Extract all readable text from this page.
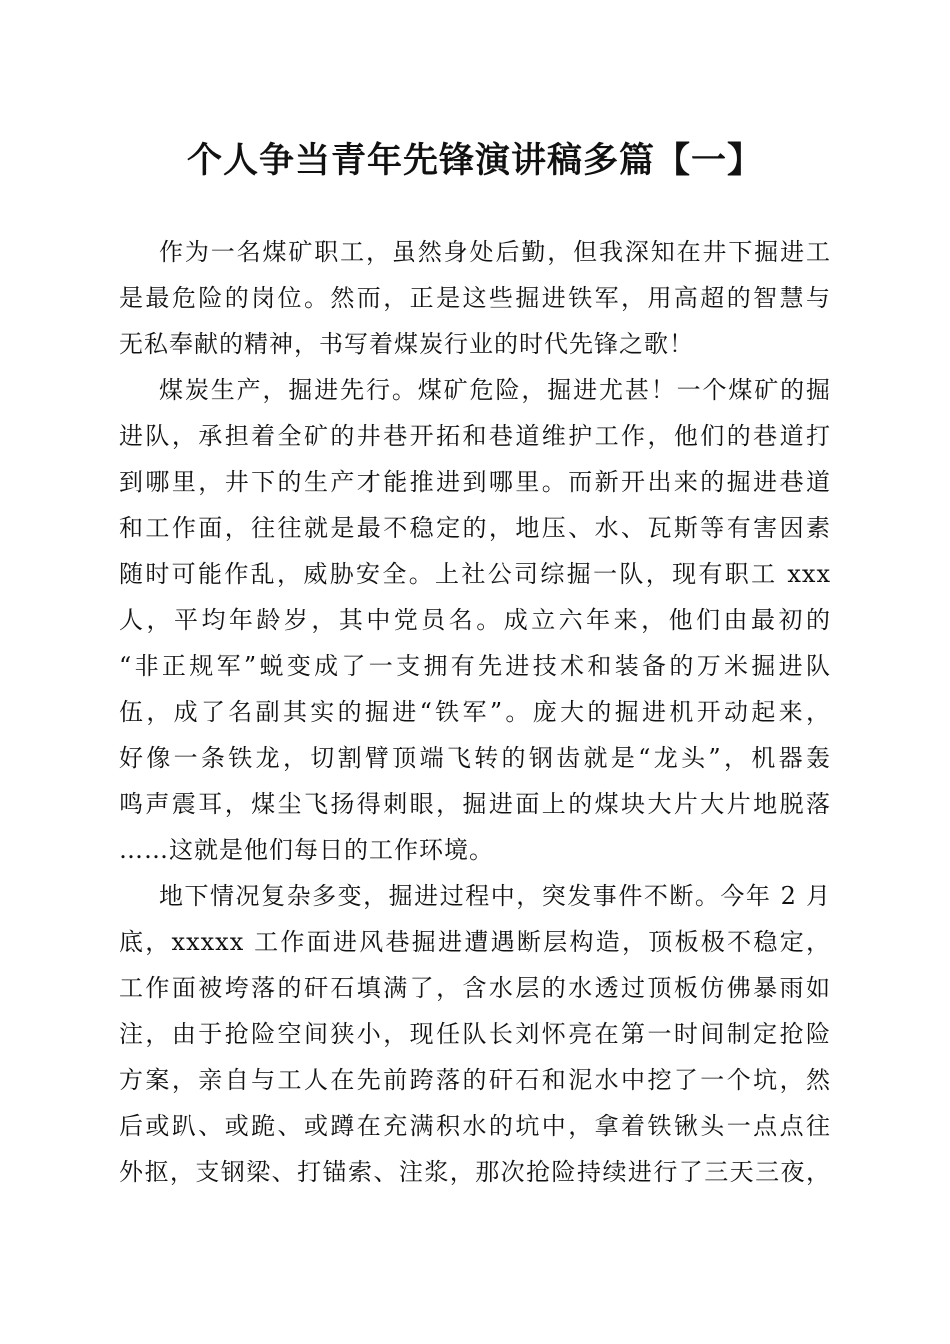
个人争当青年先锋演讲稿多篇【一】
作为一名煤矿职工，虽然身处后勤，但我深知在井下掘进工
是最危险的岗位。然而，正是这些掘进铁军，用高超的智慧与
无私奉献的精神，书写着煤炭行业的时代先锋之歌！
煤炭生产，掘进先行。煤矿危险，掘进尤甚！一个煤矿的掘
进队，承担着全矿的井巷开拓和巷道维护工作，他们的巷道打
到哪里，井下的生产才能推进到哪里。而新开出来的掘进巷道
和工作面，往往就是最不稳定的，地压、水、瓦斯等有害因素
随时可能作乱，威胁安全。上社公司综掘一队，现有职工 xxx
人，平均年龄岁，其中党员名。成立六年来，他们由最初的
“非正规军”蜕变成了一支拥有先进技术和装备的万米掘进队
伍，成了名副其实的掘进“铁军”。庞大的掘进机开动起来，
好像一条铁龙，切割臂顶端飞转的钢齿就是“龙头”，机器轰
鸣声震耳，煤尘飞扬得刺眼，掘进面上的煤块大片大片地脱落
……这就是他们每日的工作环境。
地下情况复杂多变，掘进过程中，突发事件不断。今年 2 月
底，xxxxx 工作面进风巷掘进遭遇断层构造，顶板极不稳定，
工作面被垮落的矸石填满了，含水层的水透过顶板仿佛暴雨如
注，由于抢险空间狭小，现任队长刘怀亮在第一时间制定抢险
方案，亲自与工人在先前跨落的矸石和泥水中挖了一个坑，然
后或趴、或跪、或蹲在充满积水的坑中，拿着铁锹头一点点往
外抠，支钢梁、打锚索、注浆，那次抢险持续进行了三天三夜，
